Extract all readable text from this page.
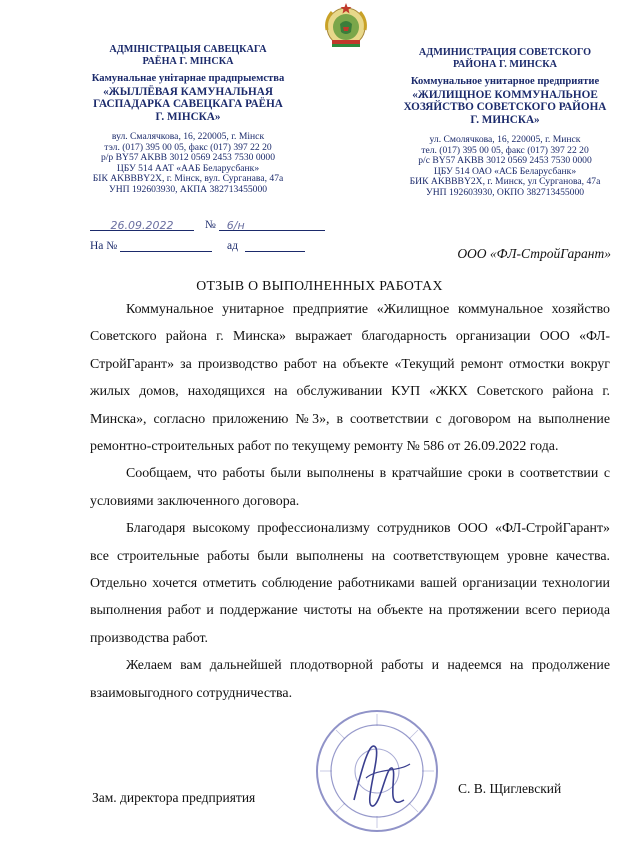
АДМІНІСТРАЦЫЯ САВЕЦКАГА
РАЁНА Г. МІНСКА
Камунальнае унітарнае прадпрыемства
«ЖЫЛЛЁВАЯ КАМУНАЛЬНАЯ
ГАСПАДАРКА САВЕЦКАГА РАЁНА
Г. МІНСКА»
вул. Смалячкова, 16, 220005, г. Мінск
тэл. (017) 395 00 05, факс (017) 397 22 20
р/р BY57 AKBB 3012 0569 2453 7530 0000
ЦБУ 514 ААТ «ААБ Беларусбанк»
БІК AKBBBY2X, г. Мінск, вул. Сурганава, 47а
УНП 192603930, АКПА 382713455000
АДМИНИСТРАЦИЯ СОВЕТСКОГО
РАЙОНА Г. МИНСКА
Коммунальное унитарное предприятие
«ЖИЛИЩНОЕ КОММУНАЛЬНОЕ
ХОЗЯЙСТВО СОВЕТСКОГО РАЙОНА
Г. МИНСКА»
ул. Смолячкова, 16, 220005, г. Минск
тел. (017) 395 00 05, факс (017) 397 22 20
р/с BY57 AKBB 3012 0569 2453 7530 0000
ЦБУ 514 ОАО «АСБ Беларусбанк»
БИК AKBBBY2X, г. Минск, ул Сурганова, 47а
УНП 192603930, ОКПО 382713455000
26.09.2022	№ 6/н
На №	ад	ООО «ФЛ-СтройГарант»
ОТЗЫВ О ВЫПОЛНЕННЫХ РАБОТАХ

Коммунальное унитарное предприятие «Жилищное коммунальное хозяйство Советского района г. Минска» выражает благодарность организации ООО «ФЛ-СтройГарант» за производство работ на объекте «Текущий ремонт отмостки вокруг жилых домов, находящихся на обслуживании КУП «ЖКХ Советского района г. Минска», согласно приложению №3», в соответствии с договором на выполнение ремонтно-строительных работ по текущему ремонту № 586 от 26.09.2022 года.

Сообщаем, что работы были выполнены в кратчайшие сроки в соответствии с условиями заключенного договора.

Благодаря высокому профессионализму сотрудников ООО «ФЛ-СтройГарант» все строительные работы были выполнены на соответствующем уровне качества. Отдельно хочется отметить соблюдение работниками вашей организации технологии выполнения работ и поддержание чистоты на объекте на протяжении всего периода производства работ.

Желаем вам дальнейшей плодотворной работы и надеемся на продолжение взаимовыгодного сотрудничества.

Зам. директора предприятия
С. В. Щиглевский
